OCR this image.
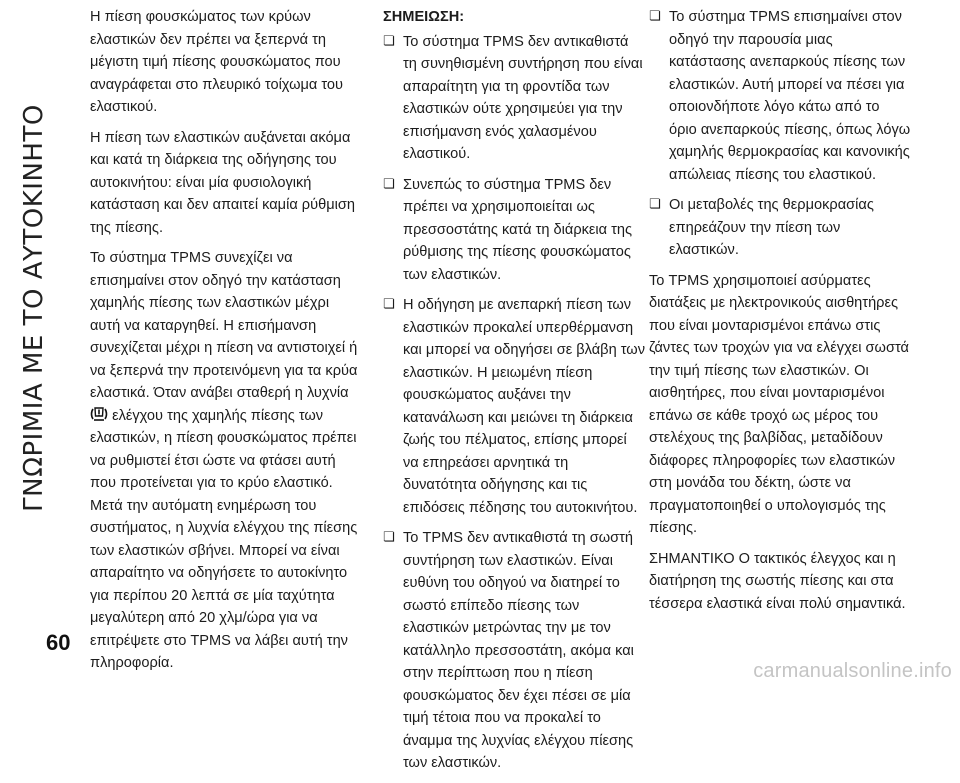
ΓΝΩΡΙΜΙΑ ΜΕ ΤΟ ΑΥΤΟΚΙΝΗΤΟ

Η πίεση φουσκώματος των κρύων ελαστικών δεν πρέπει να ξεπερνά τη μέγιστη τιμή πίεσης φουσκώματος που αναγράφεται στο πλευρικό τοίχωμα του ελαστικού.

Η πίεση των ελαστικών αυξάνεται ακόμα και κατά τη διάρκεια της οδήγησης του αυτοκινήτου: είναι μία φυσιολογική κατάσταση και δεν απαιτεί καμία ρύθμιση της πίεσης.

Το σύστημα TPMS συνεχίζει να επισημαίνει στον οδηγό την κατάσταση χαμηλής πίεσης των ελαστικών μέχρι αυτή να καταργηθεί. Η επισήμανση συνεχίζεται μέχρι η πίεση να αντιστοιχεί ή να ξεπερνά την προτεινόμενη για τα κρύα ελαστικά. Όταν ανάβει σταθερή η λυχνία  ελέγχου της χαμηλής πίεσης των ελαστικών, η πίεση φουσκώματος πρέπει να ρυθμιστεί έτσι ώστε να φτάσει αυτή που προτείνεται για το κρύο ελαστικό. Μετά την αυτόματη ενημέρωση του συστήματος, η λυχνία ελέγχου της πίεσης των ελαστικών σβήνει. Μπορεί να είναι απαραίτητο να οδηγήσετε το αυτοκίνητο για περίπου 20 λεπτά σε μία ταχύτητα μεγαλύτερη από 20 χλμ/ώρα για να επιτρέψετε στο TPMS να λάβει αυτή την πληροφορία.

ΣΗΜΕΙΩΣΗ:

❏ Το σύστημα TPMS δεν αντικαθιστά τη συνηθισμένη συντήρηση που είναι απαραίτητη για τη φροντίδα των ελαστικών ούτε χρησιμεύει για την επισήμανση ενός χαλασμένου ελαστικού.

❏ Συνεπώς το σύστημα TPMS δεν πρέπει να χρησιμοποιείται ως πρεσσοστάτης κατά τη διάρκεια της ρύθμισης της πίεσης φουσκώματος των ελαστικών.

❏ Η οδήγηση με ανεπαρκή πίεση των ελαστικών προκαλεί υπερθέρμανση και μπορεί να οδηγήσει σε βλάβη των ελαστικών. Η μειωμένη πίεση φουσκώματος αυξάνει την κατανάλωση και μειώνει τη διάρκεια ζωής του πέλματος, επίσης μπορεί να επηρεάσει αρνητικά τη δυνατότητα οδήγησης και τις επιδόσεις πέδησης του αυτοκινήτου.

❏ Το TPMS δεν αντικαθιστά τη σωστή συντήρηση των ελαστικών. Είναι ευθύνη του οδηγού να διατηρεί το σωστό επίπεδο πίεσης των ελαστικών μετρώντας την με τον κατάλληλο πρεσσοστάτη, ακόμα και στην περίπτωση που η πίεση φουσκώματος δεν έχει πέσει σε μία τιμή τέτοια που να προκαλεί το άναμμα της λυχνίας ελέγχου πίεσης των ελαστικών.

❏ Το σύστημα TPMS επισημαίνει στον οδηγό την παρουσία μιας κατάστασης ανεπαρκούς πίεσης των ελαστικών. Αυτή μπορεί να πέσει για οποιονδήποτε λόγο κάτω από το όριο ανεπαρκούς πίεσης, όπως λόγω χαμηλής θερμοκρασίας και κανονικής απώλειας πίεσης του ελαστικού.

❏ Οι μεταβολές της θερμοκρασίας επηρεάζουν την πίεση των ελαστικών.

Το TPMS χρησιμοποιεί ασύρματες διατάξεις με ηλεκτρονικούς αισθητήρες που είναι μονταρισμένοι επάνω στις ζάντες των τροχών για να ελέγχει σωστά την τιμή πίεσης των ελαστικών. Οι αισθητήρες, που είναι μονταρισμένοι επάνω σε κάθε τροχό ως μέρος του στελέχους της βαλβίδας, μεταδίδουν διάφορες πληροφορίες των ελαστικών στη μονάδα του δέκτη, ώστε να πραγματοποιηθεί ο υπολογισμός της πίεσης.

ΣΗΜΑΝΤΙΚΟ Ο τακτικός έλεγχος και η διατήρηση της σωστής πίεσης και στα τέσσερα ελαστικά είναι πολύ σημαντικά.

60
carmanualsonline.info
